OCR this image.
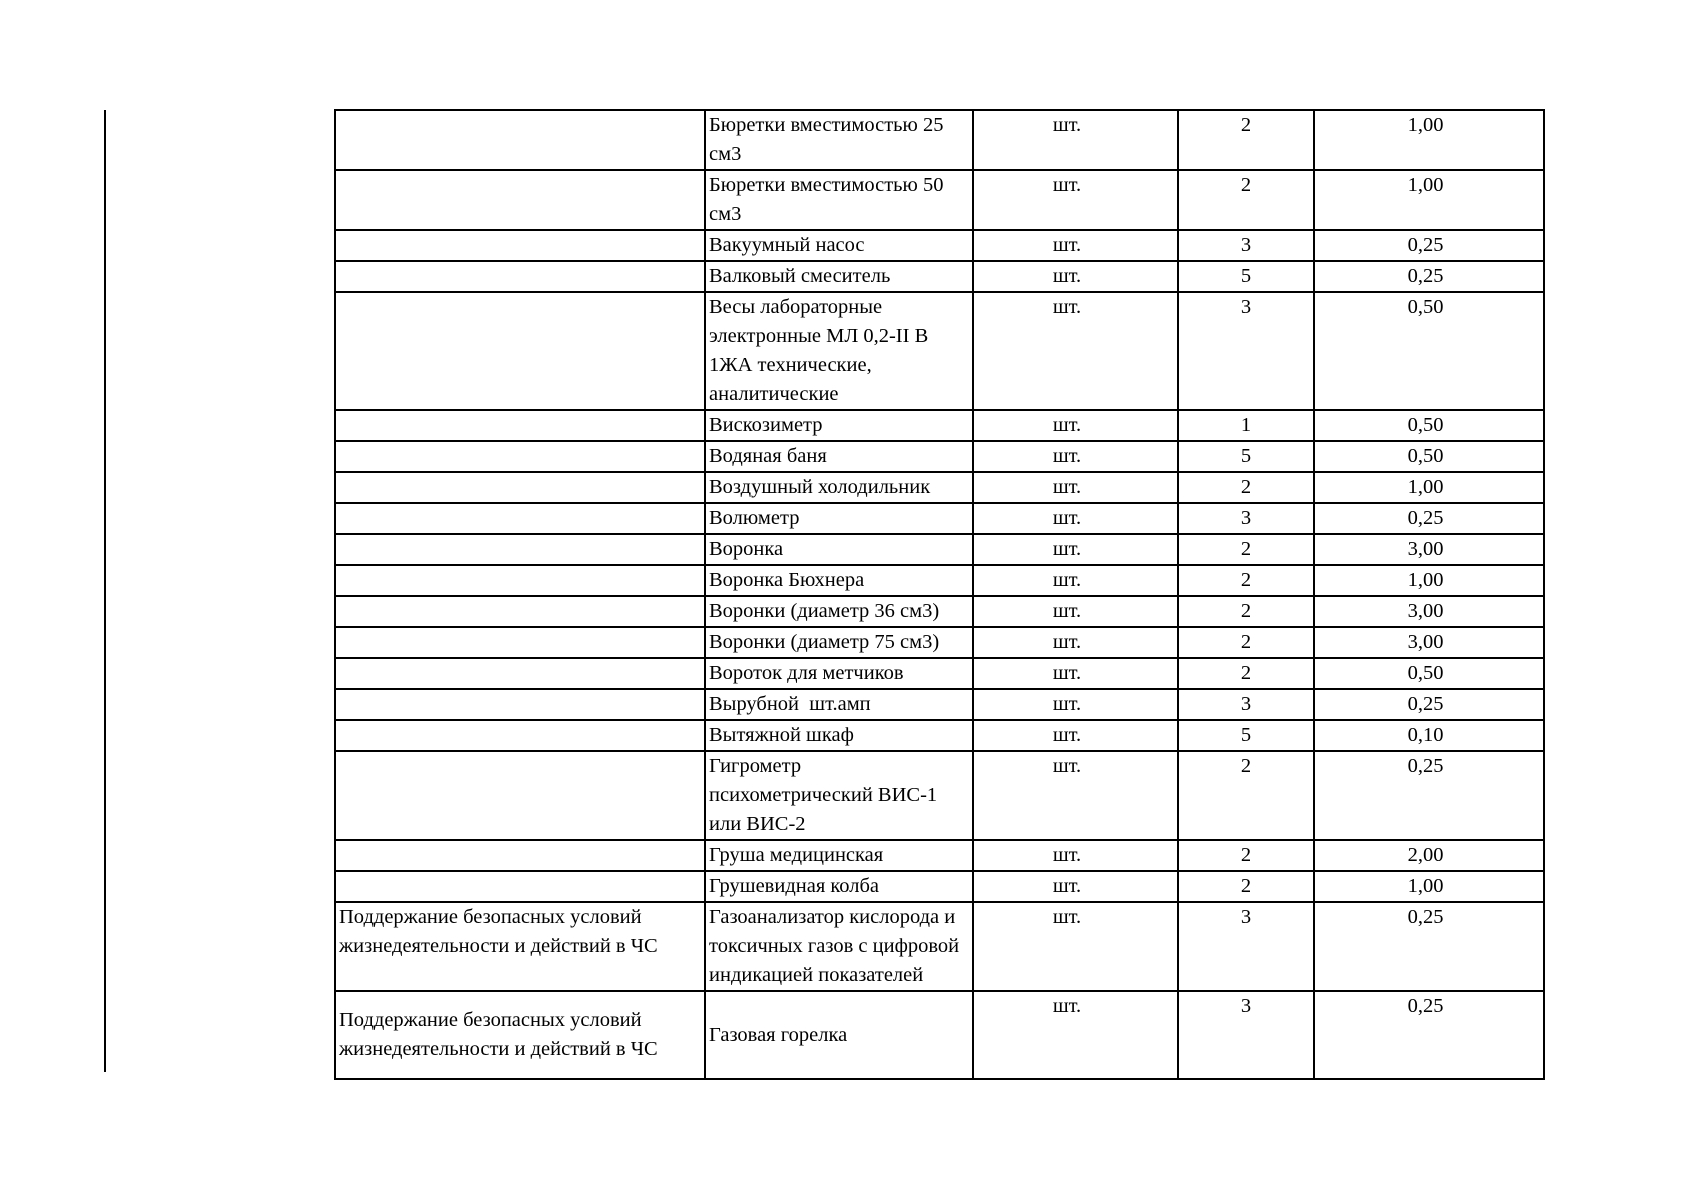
	Бюретки вместимостью 25 см3	шт.	2	1,00
	Бюретки вместимостью 50 см3	шт.	2	1,00
	Вакуумный насос	шт.	3	0,25
	Валковый смеситель	шт.	5	0,25
	Весы лабораторные электронные МЛ 0,2-II В 1ЖА технические, аналитические	шт.	3	0,50
	Вискозиметр	шт.	1	0,50
	Водяная баня	шт.	5	0,50
	Воздушный холодильник	шт.	2	1,00
	Волюметр	шт.	3	0,25
	Воронка	шт.	2	3,00
	Воронка Бюхнера	шт.	2	1,00
	Воронки (диаметр 36 см3)	шт.	2	3,00
	Воронки (диаметр 75 см3)	шт.	2	3,00
	Вороток для метчиков	шт.	2	0,50
	Вырубной  шт.амп	шт.	3	0,25
	Вытяжной шкаф	шт.	5	0,10
	Гигрометр психометрический ВИС-1 или ВИС-2	шт.	2	0,25
	Груша медицинская	шт.	2	2,00
	Грушевидная колба	шт.	2	1,00
Поддержание безопасных условий жизнедеятельности и действий в ЧС	Газоанализатор кислорода и токсичных газов с цифровой индикацией показателей	шт.	3	0,25
Поддержание безопасных условий жизнедеятельности и действий в ЧС	Газовая горелка	шт.	3	0,25
